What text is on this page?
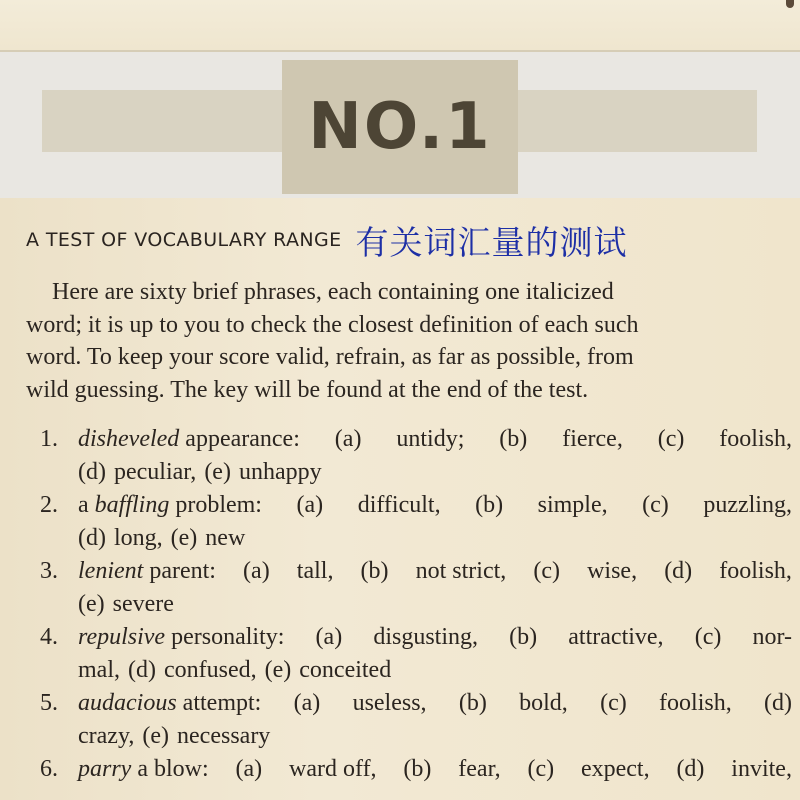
NO.1
A TEST OF VOCABULARY RANGE 有关词汇量的测试
Here are sixty brief phrases, each containing one italicized
word; it is up to you to check the closest definition of each such
word. To keep your score valid, refrain, as far as possible, from
wild guessing. The key will be found at the end of the test.
1. disheveled appearance: (a) untidy; (b) fierce, (c) foolish,
(d) peculiar, (e) unhappy
2. a baffling problem: (a) difficult, (b) simple, (c) puzzling,
(d) long, (e) new
3. lenient parent: (a) tall, (b) not strict, (c) wise, (d) foolish,
(e) severe
4. repulsive personality: (a) disgusting, (b) attractive, (c) nor-
mal, (d) confused, (e) conceited
5. audacious attempt: (a) useless, (b) bold, (c) foolish, (d)
crazy, (e) necessary
6. parry a blow: (a) ward off, (b) fear, (c) expect, (d) invite,
